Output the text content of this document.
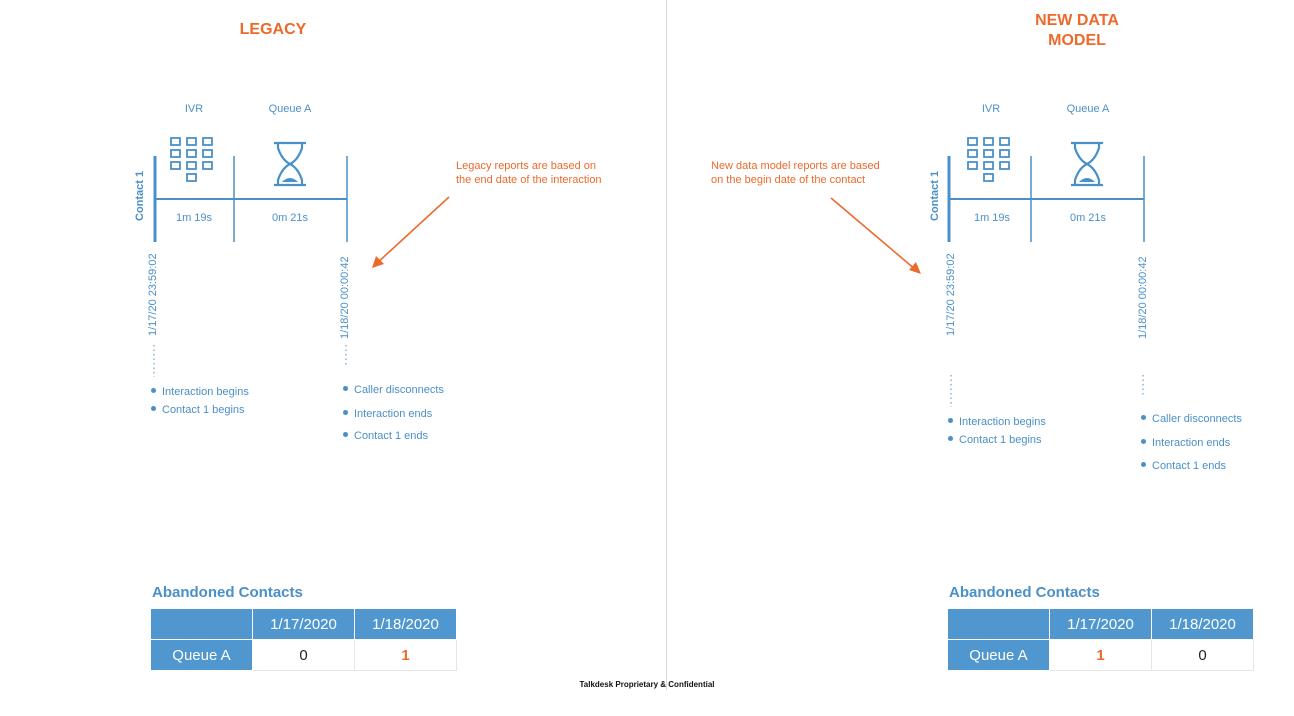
LEGACY
IVR	Queue A
Contact 1	1m 19s	0m 21s
1/17/20 23:59:02	1/18/20 00:00:42
Interaction begins
Contact 1 begins
Caller disconnects
Interaction ends
Contact 1 ends
Legacy reports are based on
the end date of the interaction
Abandoned Contacts
	1/17/2020	1/18/2020
Queue A	0	1
NEW DATA
MODEL
IVR	Queue A
Contact 1	1m 19s	0m 21s
1/17/20 23:59:02	1/18/20 00:00:42
Interaction begins
Contact 1 begins
Caller disconnects
Interaction ends
Contact 1 ends
New data model reports are based
on the begin date of the contact
Abandoned Contacts
	1/17/2020	1/18/2020
Queue A	1	0
Talkdesk Proprietary & Confidential
